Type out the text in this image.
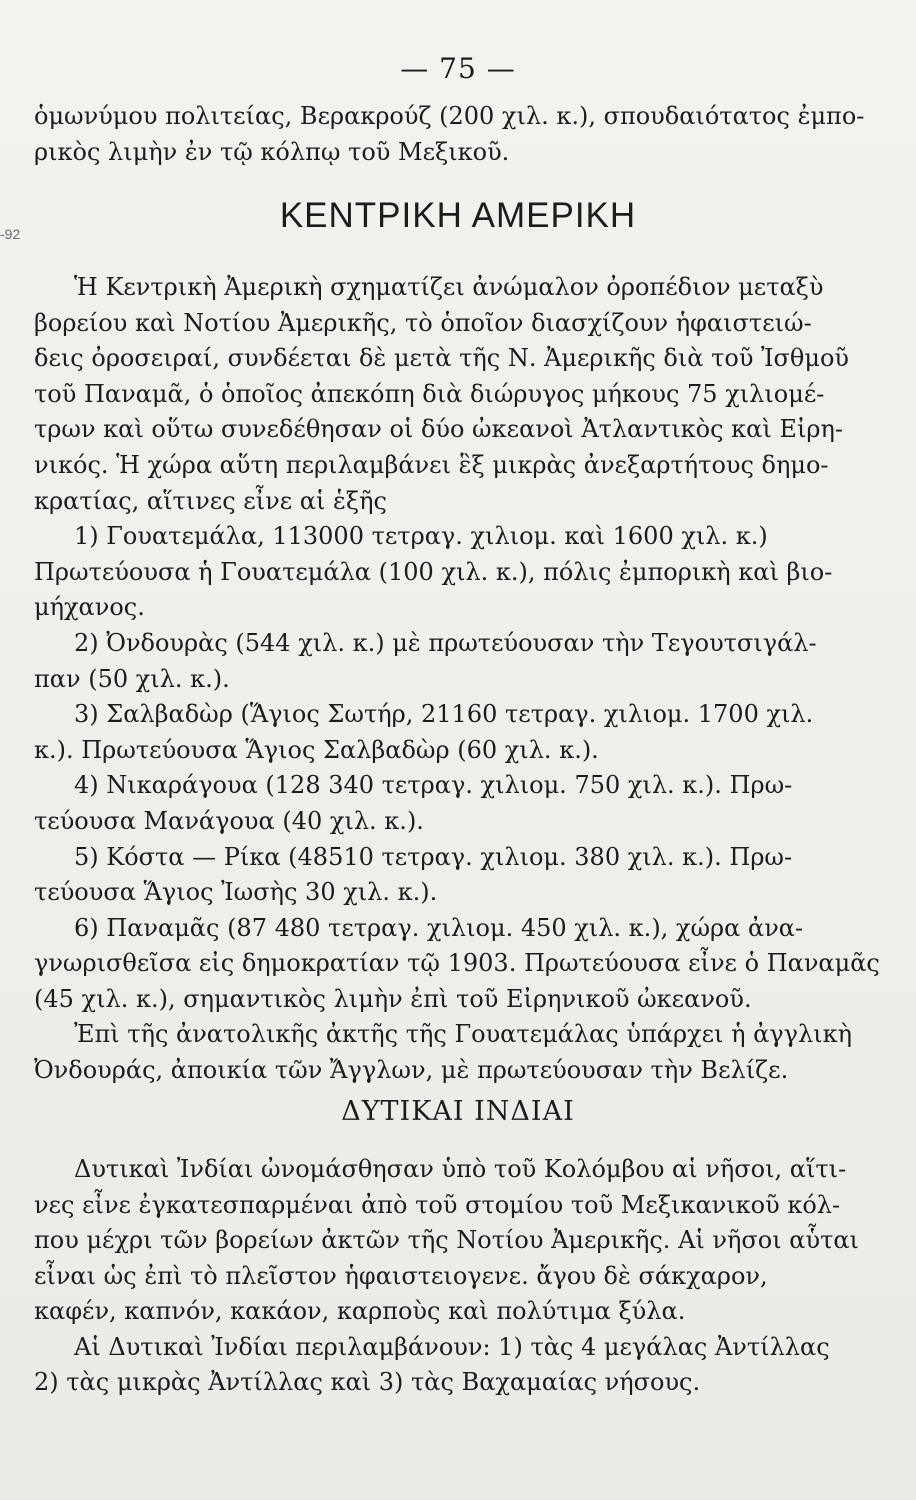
— 75 —
-92
ὁμωνύμου πολιτείας, Βερακρούζ (200 χιλ. κ.), σπουδαιότατος ἐμπο-
ρικὸς λιμὴν ἐν τῷ κόλπῳ τοῦ Μεξικοῦ.
ΚΕΝΤΡΙΚΗ ΑΜΕΡΙΚΗ
Ἡ Κεντρικὴ Ἀμερικὴ σχηματίζει ἀνώμαλον ὀροπέδιον μεταξὺ
βορείου καὶ Νοτίου Ἀμερικῆς, τὸ ὁποῖον διασχίζουν ἡφαιστειώ-
δεις ὀροσειραί, συνδέεται δὲ μετὰ τῆς Ν. Ἀμερικῆς διὰ τοῦ Ἰσθμοῦ
τοῦ Παναμᾶ, ὁ ὁποῖος ἀπεκόπη διὰ διώρυγος μήκους 75 χιλιομέ-
τρων καὶ οὕτω συνεδέθησαν οἱ δύο ὠκεανοὶ Ἀτλαντικὸς καὶ Εἰρη-
νικός. Ἡ χώρα αὕτη περιλαμβάνει ἓξ μικρὰς ἀνεξαρτήτους δημο-
κρατίας, αἵτινες εἶνε αἱ ἑξῆς
1) Γουατεμάλα, 113000 τετραγ. χιλιομ. καὶ 1600 χιλ. κ.)
Πρωτεύουσα ἡ Γουατεμάλα (100 χιλ. κ.), πόλις ἐμπορικὴ καὶ βιο-
μήχανος.
2) Ὀνδουρὰς (544 χιλ. κ.) μὲ πρωτεύουσαν τὴν Τεγουτσιγάλ-
παν (50 χιλ. κ.).
3) Σαλβαδὼρ (Ἅγιος Σωτήρ, 21160 τετραγ. χιλιομ. 1700 χιλ.
κ.). Πρωτεύουσα Ἅγιος Σαλβαδὼρ (60 χιλ. κ.).
4) Νικαράγουα (128 340 τετραγ. χιλιομ. 750 χιλ. κ.). Πρω-
τεύουσα Μανάγουα (40 χιλ. κ.).
5) Κόστα — Ρίκα (48510 τετραγ. χιλιομ. 380 χιλ. κ.). Πρω-
τεύουσα Ἅγιος Ἰωσὴς 30 χιλ. κ.).
6) Παναμᾶς (87 480 τετραγ. χιλιομ. 450 χιλ. κ.), χώρα ἀνα-
γνωρισθεῖσα εἰς δημοκρατίαν τῷ 1903. Πρωτεύουσα εἶνε ὁ Παναμᾶς
(45 χιλ. κ.), σημαντικὸς λιμὴν ἐπὶ τοῦ Εἰρηνικοῦ ὠκεανοῦ.
Ἐπὶ τῆς ἀνατολικῆς ἀκτῆς τῆς Γουατεμάλας ὑπάρχει ἡ ἀγγλικὴ
Ὀνδουράς, ἀποικία τῶν Ἄγγλων, μὲ πρωτεύουσαν τὴν Βελίζε.
ΔΥΤΙΚΑΙ ΙΝΔΙΑΙ
Δυτικαὶ Ἰνδίαι ὠνομάσθησαν ὑπὸ τοῦ Κολόμβου αἱ νῆσοι, αἵτι-
νες εἶνε ἐγκατεσπαρμέναι ἀπὸ τοῦ στομίου τοῦ Μεξικανικοῦ κόλ-
που μέχρι τῶν βορείων ἀκτῶν τῆς Νοτίου Ἀμερικῆς. Αἱ νῆσοι αὗται
εἶναι ὡς ἐπὶ τὸ πλεῖστον ἡφαιστειογενε. ἄγου δὲ σάκχαρον,
καφέν, καπνόν, κακάον, καρποὺς καὶ πολύτιμα ξύλα.
Αἱ Δυτικαὶ Ἰνδίαι περιλαμβάνουν: 1) τὰς 4 μεγάλας Ἀντίλλας
2) τὰς μικρὰς Ἀντίλλας καὶ 3) τὰς Βαχαμαίας νήσους.
